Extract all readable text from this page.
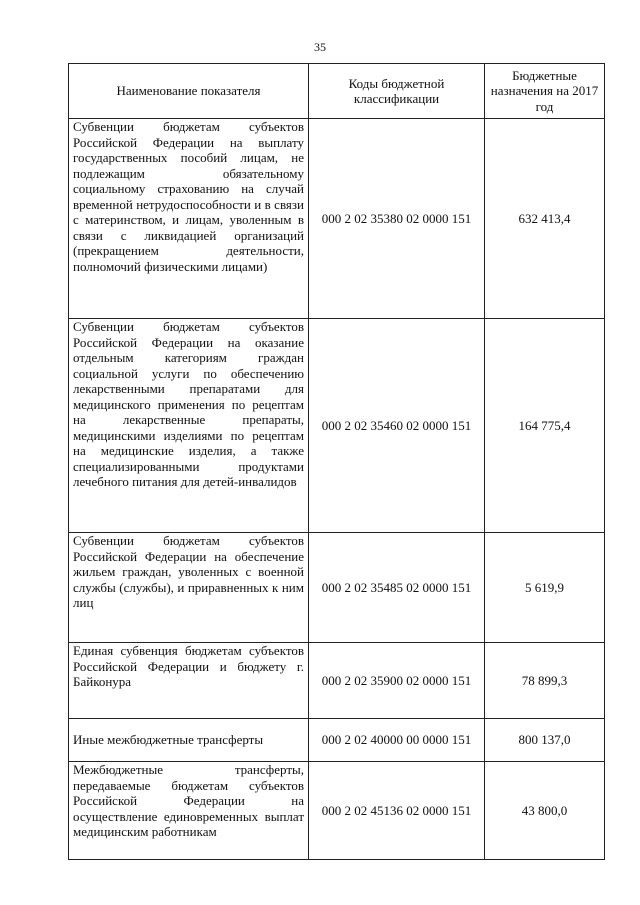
35
Наименование показателя	Коды бюджетной классификации	Бюджетные назначения на 2017 год
Субвенции бюджетам субъектов Российской Федерации на выплату государственных пособий лицам, не подлежащим обязательному социальному страхованию на случай временной нетрудоспособности и в связи с материнством, и лицам, уволенным в связи с ликвидацией организаций (прекращением деятельности, полномочий физическими лицами)	000 2 02 35380 02 0000 151	632 413,4
Субвенции бюджетам субъектов Российской Федерации на оказание отдельным категориям граждан социальной услуги по обеспечению лекарственными препаратами для медицинского применения по рецептам на лекарственные препараты, медицинскими изделиями по рецептам на медицинские изделия, а также специализированными продуктами лечебного питания для детей-инвалидов	000 2 02 35460 02 0000 151	164 775,4
Субвенции бюджетам субъектов Российской Федерации на обеспечение жильем граждан, уволенных с военной службы (службы), и приравненных к ним лиц	000 2 02 35485 02 0000 151	5 619,9
Единая субвенция бюджетам субъектов Российской Федерации и бюджету г. Байконура	000 2 02 35900 02 0000 151	78 899,3
Иные межбюджетные трансферты	000 2 02 40000 00 0000 151	800 137,0
Межбюджетные трансферты, передаваемые бюджетам субъектов Российской Федерации на осуществление единовременных выплат медицинским работникам	000 2 02 45136 02 0000 151	43 800,0
